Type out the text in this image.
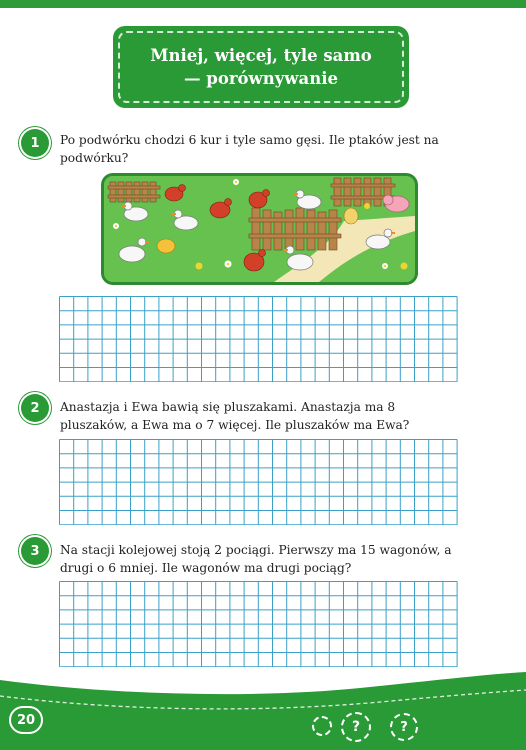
Mniej, więcej, tyle samo
— porównywanie
1	Po podwórku chodzi 6 kur i tyle samo gęsi. Ile ptaków jest na podwórku?
2	Anastazja i Ewa bawią się pluszakami. Anastazja ma 8 pluszaków, a Ewa ma o 7 więcej. Ile pluszaków ma Ewa?
3	Na stacji kolejowej stoją 2 pociągi. Pierwszy ma 15 wagonów, a drugi o 6 mniej. Ile wagonów ma drugi pociąg?
20	?	?
